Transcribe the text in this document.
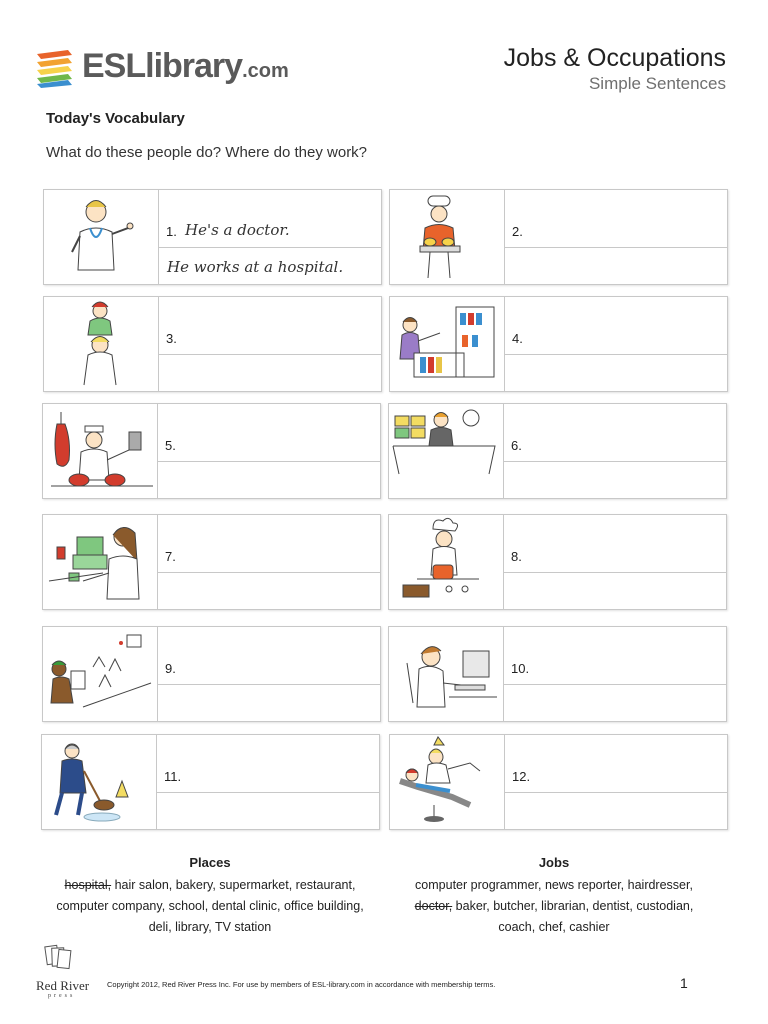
ESLlibrary.com	Jobs & Occupations
Simple Sentences
Today's Vocabulary
What do these people do? Where do they work?
1. He's a doctor.
He works at a hospital.
2.
3.	4.
5.	6.
7.	8.
9.	10.
11.	12.
Places
hospital, hair salon, bakery, supermarket, restaurant,
computer company, school, dental clinic, office building,
deli, library, TV station
Jobs
computer programmer, news reporter, hairdresser,
doctor, baker, butcher, librarian, dentist, custodian,
coach, chef, cashier
Red River
press
Copyright 2012, Red River Press Inc. For use by members of ESL-library.com in accordance with membership terms.	1
